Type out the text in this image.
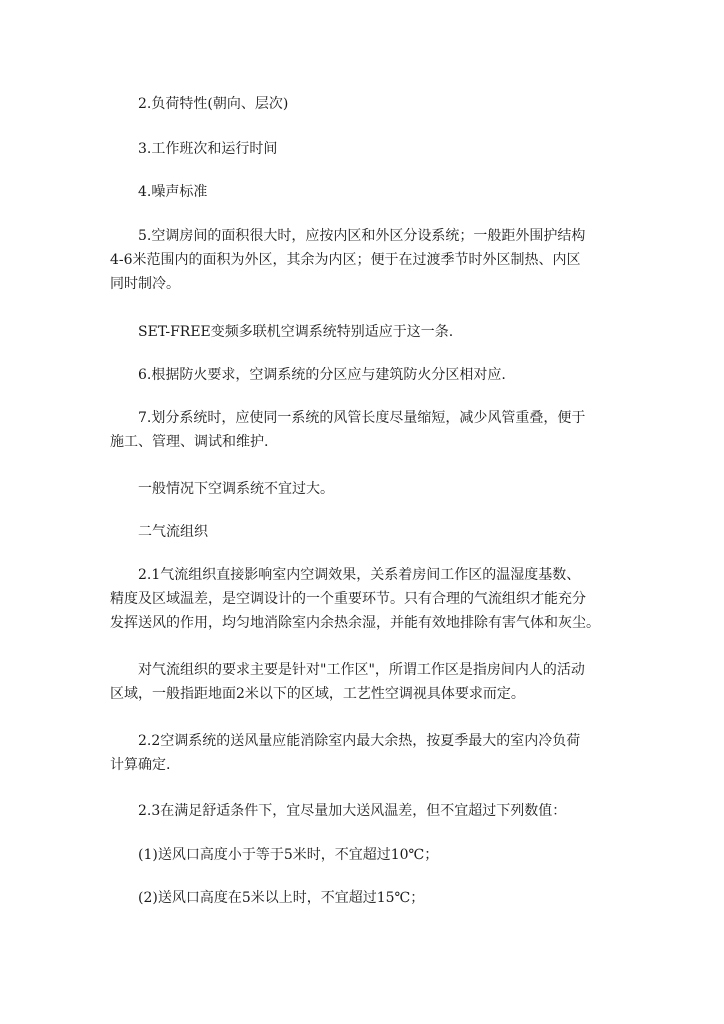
2.负荷特性(朝向、层次)
3.工作班次和运行时间
4.噪声标准
5.空调房间的面积很大时，应按内区和外区分设系统；一般距外围护结构
4-6米范围内的面积为外区，其余为内区；便于在过渡季节时外区制热、内区
同时制冷。
SET-FREE变频多联机空调系统特别适应于这一条.
6.根据防火要求，空调系统的分区应与建筑防火分区相对应.
7.划分系统时，应使同一系统的风管长度尽量缩短，减少风管重叠，便于
施工、管理、调试和维护.
一般情况下空调系统不宜过大。
二气流组织
2.1气流组织直接影响室内空调效果，关系着房间工作区的温湿度基数、
精度及区域温差，是空调设计的一个重要环节。只有合理的气流组织才能充分
发挥送风的作用，均匀地消除室内余热余湿，并能有效地排除有害气体和灰尘。
对气流组织的要求主要是针对"工作区"，所谓工作区是指房间内人的活动
区域，一般指距地面2米以下的区域，工艺性空调视具体要求而定。
2.2空调系统的送风量应能消除室内最大余热，按夏季最大的室内冷负荷
计算确定.
2.3在满足舒适条件下，宜尽量加大送风温差，但不宜超过下列数值：
(1)送风口高度小于等于5米时，不宜超过10℃；
(2)送风口高度在5米以上时，不宜超过15℃；
